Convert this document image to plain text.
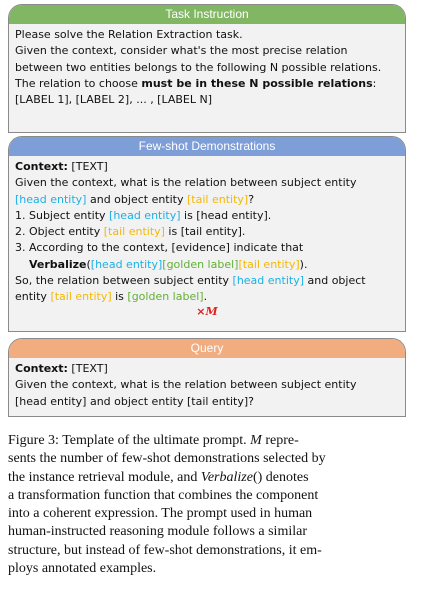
Task Instruction
Please solve the Relation Extraction task.
Given the context, consider what's the most precise relation
between two entities belongs to the following N possible relations.
The relation to choose must be in these N possible relations:
[LABEL 1], [LABEL 2], ... , [LABEL N]
Few-shot Demonstrations
Context: [TEXT]
Given the context, what is the relation between subject entity
[head entity] and object entity [tail entity]?
1. Subject entity [head entity] is [head entity].
2. Object entity [tail entity] is [tail entity].
3. According to the context, [evidence] indicate that
Verbalize([head entity][golden label][tail entity]).
So, the relation between subject entity [head entity] and object
entity [tail entity] is [golden label].
×M
Query
Context: [TEXT]
Given the context, what is the relation between subject entity
[head entity] and object entity [tail entity]?
Figure 3: Template of the ultimate prompt. M repre-
sents the number of few-shot demonstrations selected by
the instance retrieval module, and Verbalize() denotes
a transformation function that combines the component
into a coherent expression. The prompt used in human
human-instructed reasoning module follows a similar
structure, but instead of few-shot demonstrations, it em-
ploys annotated examples.
